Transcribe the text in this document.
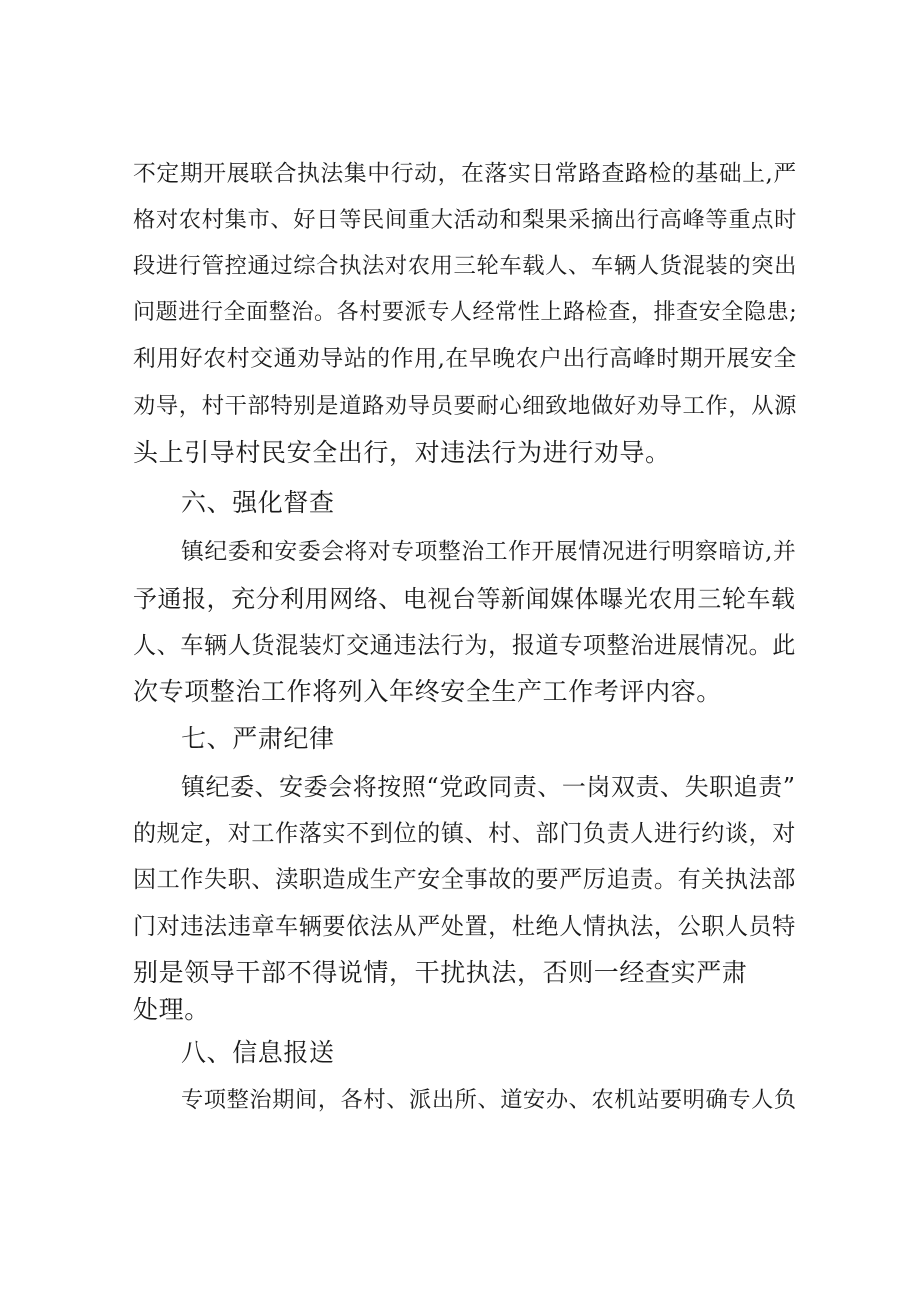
不定期开展联合执法集中行动，在落实日常路查路检的基础上,严
格对农村集市、好日等民间重大活动和梨果采摘出行高峰等重点时
段进行管控通过综合执法对农用三轮车载人、车辆人货混装的突出
问题进行全面整治。各村要派专人经常性上路检查，排查安全隐患;
利用好农村交通劝导站的作用,在早晚农户出行高峰时期开展安全
劝导，村干部特别是道路劝导员要耐心细致地做好劝导工作，从源
头上引导村民安全出行，对违法行为进行劝导。
六、强化督查
镇纪委和安委会将对专项整治工作开展情况进行明察暗访,并
予通报，充分利用网络、电视台等新闻媒体曝光农用三轮车载
人、车辆人货混装灯交通违法行为，报道专项整治进展情况。此
次专项整治工作将列入年终安全生产工作考评内容。
七、严肃纪律
镇纪委、安委会将按照“党政同责、一岗双责、失职追责”
的规定，对工作落实不到位的镇、村、部门负责人进行约谈，对
因工作失职、渎职造成生产安全事故的要严厉追责。有关执法部
门对违法违章车辆要依法从严处置，杜绝人情执法，公职人员特
别是领导干部不得说情，干扰执法，否则一经查实严肃
处理。
八、信息报送
专项整治期间，各村、派出所、道安办、农机站要明确专人负
